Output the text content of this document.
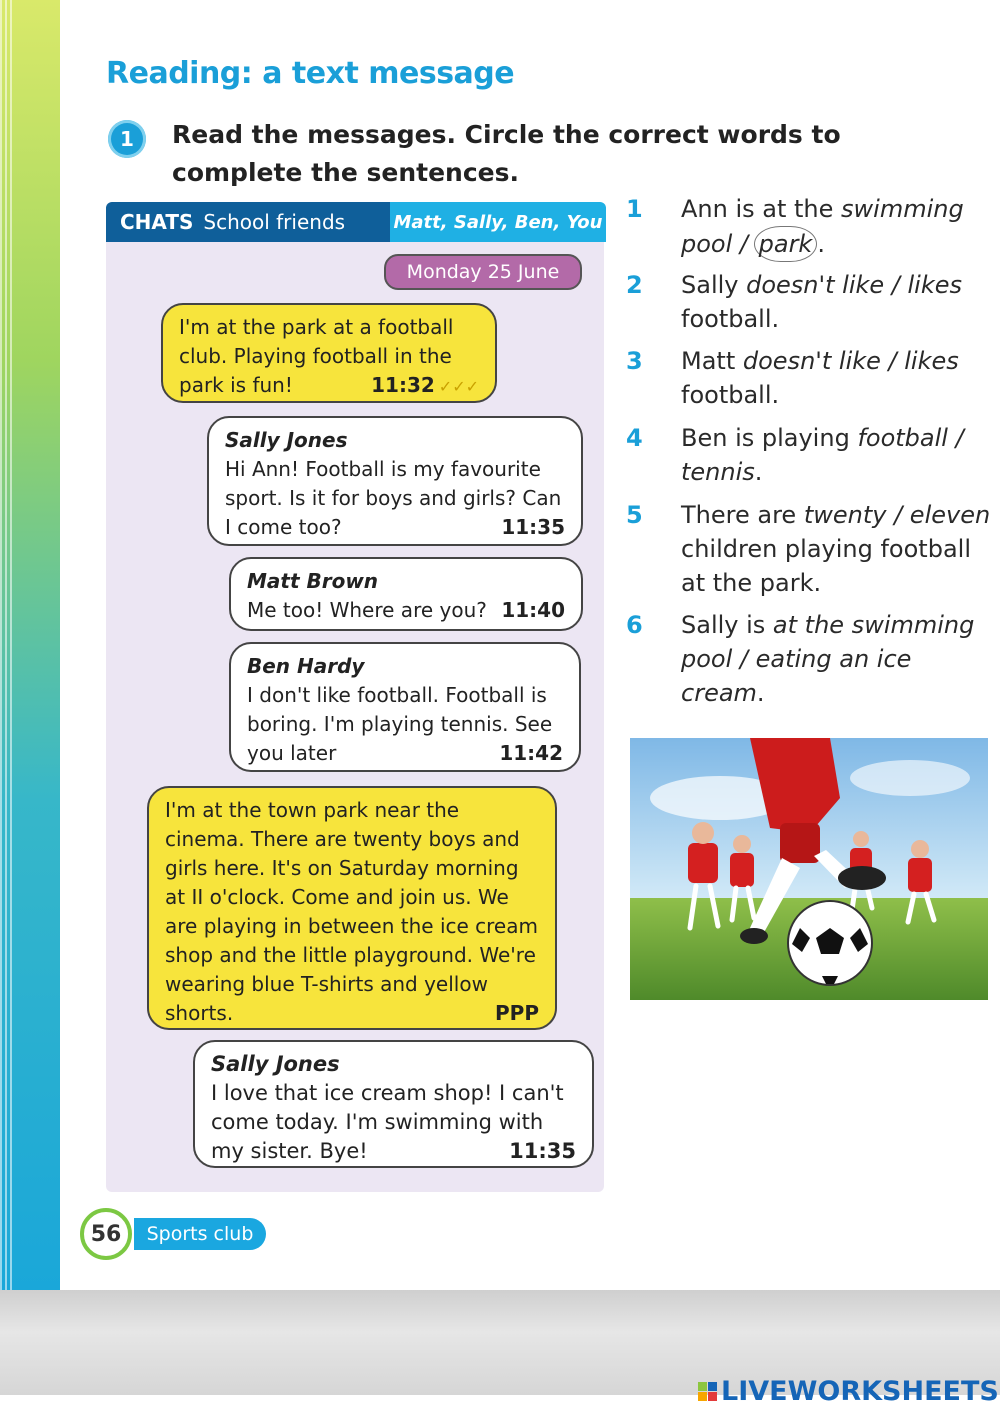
Reading: a text message
1	Read the messages. Circle the correct words to complete the sentences.
CHATS School friends	Matt, Sally, Ben, You
Monday 25 June
I'm at the park at a football club. Playing football in the park is fun!	11:32 ✓✓✓
Sally Jones
Hi Ann! Football is my favourite sport. Is it for boys and girls? Can I come too?	11:35
Matt Brown
Me too! Where are you? 11:40
Ben Hardy
I don't like football. Football is boring. I'm playing tennis. See you later	11:42
I'm at the town park near the cinema. There are twenty boys and girls here. It's on Saturday morning at II o'clock. Come and join us. We are playing in between the ice cream shop and the little playground. We're wearing blue T-shirts and yellow shorts.	PPP
Sally Jones
I love that ice cream shop! I can't come today. I'm swimming with my sister. Bye!	11:35
1 Ann is at the swimming pool / park .
2 Sally doesn't like / likes football.
3 Matt doesn't like / likes football.
4 Ben is playing football / tennis.
5 There are twenty / eleven children playing football at the park.
6 Sally is at the swimming pool / eating an ice cream.
56	Sports club
LIVEWORKSHEETS
